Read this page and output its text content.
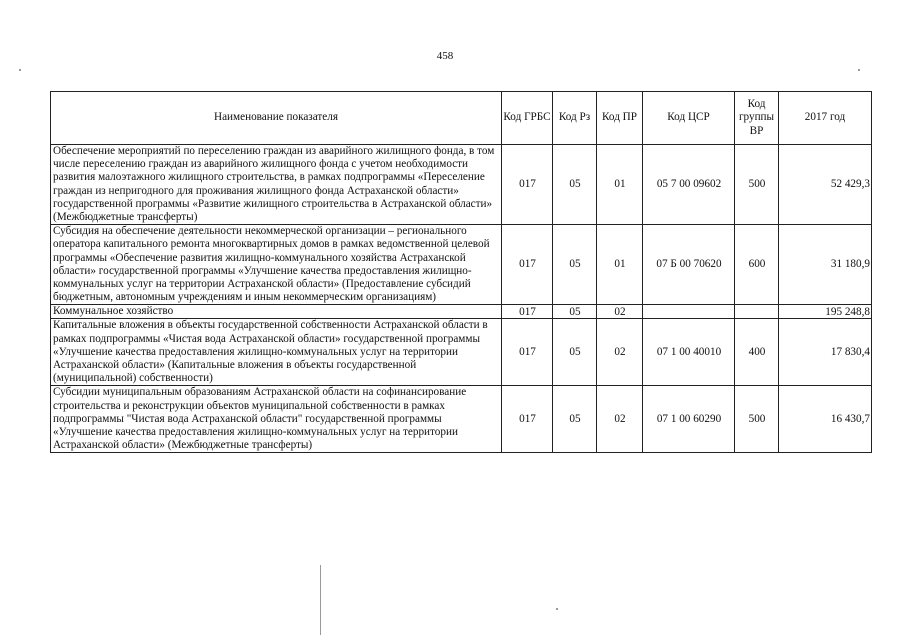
458
Наименование показателя	Код ГРБС	Код Рз	Код ПР	Код ЦСР	Код группы ВР	2017 год
Обеспечение мероприятий по переселению граждан из аварийного жилищного фонда, в том числе переселению граждан из аварийного жилищного фонда с учетом необходимости развития малоэтажного жилищного строительства, в рамках подпрограммы «Переселение граждан из непригодного для проживания жилищного фонда Астраханской области» государственной программы «Развитие жилищного строительства в Астраханской области» (Межбюджетные трансферты)	017	05	01	05 7 00 09602	500	52 429,3
Субсидия на обеспечение деятельности некоммерческой организации – регионального оператора капитального ремонта многоквартирных домов в рамках ведомственной целевой программы «Обеспечение развития жилищно-коммунального хозяйства Астраханской области» государственной программы «Улучшение качества предоставления жилищно-коммунальных услуг на территории Астраханской области» (Предоставление субсидий бюджетным, автономным учреждениям и иным некоммерческим организациям)	017	05	01	07 Б 00 70620	600	31 180,9
Коммунальное хозяйство	017	05	02			195 248,8
Капитальные вложения в объекты государственной собственности Астраханской области в рамках подпрограммы «Чистая вода Астраханской области» государственной программы «Улучшение качества предоставления жилищно-коммунальных услуг на территории Астраханской области» (Капитальные вложения в объекты государственной (муниципальной) собственности)	017	05	02	07 1 00 40010	400	17 830,4
Субсидии муниципальным образованиям Астраханской области на софинансирование строительства и реконструкции объектов муниципальной собственности в рамках подпрограммы "Чистая вода Астраханской области" государственной программы «Улучшение качества предоставления жилищно-коммунальных услуг на территории Астраханской области» (Межбюджетные трансферты)	017	05	02	07 1 00 60290	500	16 430,7
